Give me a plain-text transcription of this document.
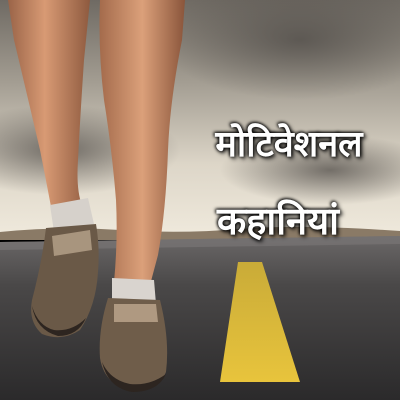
मोटिवेशनल
कहानियां
